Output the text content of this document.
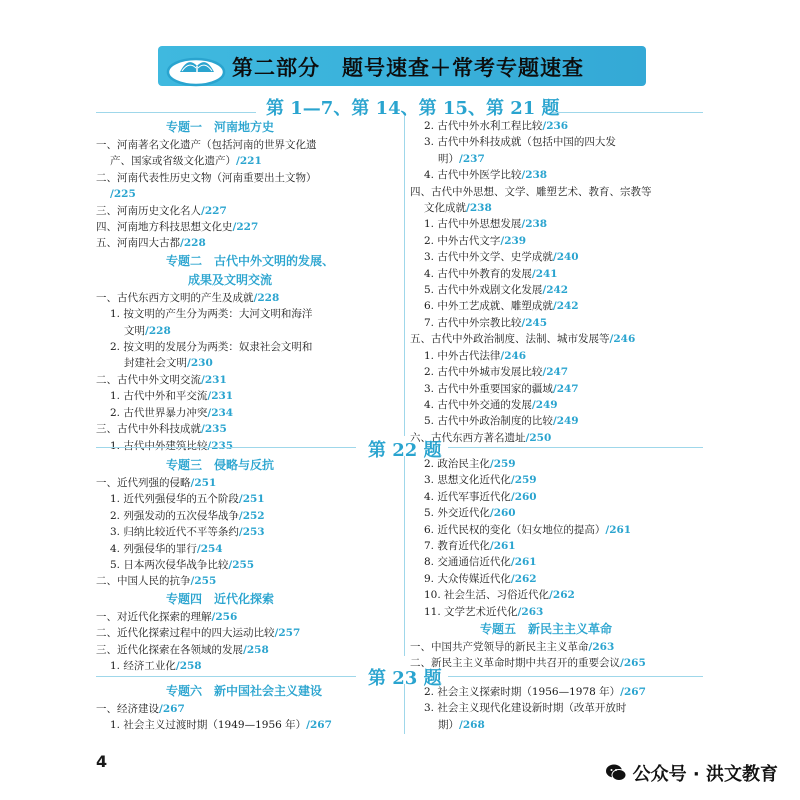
第二部分　题号速查＋常考专题速查
第 1—7、第 14、第 15、第 21 题
专题一　河南地方史
一、河南著名文化遗产（包括河南的世界文化遗
产、国家或省级文化遗产）/221
二、河南代表性历史文物（河南重要出土文物）
/225
三、河南历史文化名人/227
四、河南地方科技思想文化史/227
五、河南四大古都/228
专题二　古代中外文明的发展、
成果及文明交流
一、古代东西方文明的产生及成就/228
1. 按文明的产生分为两类：大河文明和海洋
文明/228
2. 按文明的发展分为两类：奴隶社会文明和
封建社会文明/230
二、古代中外文明交流/231
1. 古代中外和平交流/231
2. 古代世界暴力冲突/234
三、古代中外科技成就/235
1. 古代中外建筑比较/235
2. 古代中外水利工程比较/236
3. 古代中外科技成就（包括中国的四大发
明）/237
4. 古代中外医学比较/238
四、古代中外思想、文学、雕塑艺术、教育、宗教等
文化成就/238
1. 古代中外思想发展/238
2. 中外古代文字/239
3. 古代中外文学、史学成就/240
4. 古代中外教育的发展/241
5. 古代中外戏剧文化发展/242
6. 中外工艺成就、雕塑成就/242
7. 古代中外宗教比较/245
五、古代中外政治制度、法制、城市发展等/246
1. 中外古代法律/246
2. 古代中外城市发展比较/247
3. 古代中外重要国家的疆域/247
4. 古代中外交通的发展/249
5. 古代中外政治制度的比较/249
六、古代东西方著名遗址/250
第 22 题
专题三　侵略与反抗
一、近代列强的侵略/251
1. 近代列强侵华的五个阶段/251
2. 列强发动的五次侵华战争/252
3. 归纳比较近代不平等条约/253
4. 列强侵华的罪行/254
5. 日本两次侵华战争比较/255
二、中国人民的抗争/255
专题四　近代化探索
一、对近代化探索的理解/256
二、近代化探索过程中的四大运动比较/257
三、近代化探索在各领域的发展/258
1. 经济工业化/258
2. 政治民主化/259
3. 思想文化近代化/259
4. 近代军事近代化/260
5. 外交近代化/260
6. 近代民权的变化（妇女地位的提高）/261
7. 教育近代化/261
8. 交通通信近代化/261
9. 大众传媒近代化/262
10. 社会生活、习俗近代化/262
11. 文学艺术近代化/263
专题五　新民主主义革命
一、中国共产党领导的新民主主义革命/263
二、新民主主义革命时期中共召开的重要会议/265
第 23 题
专题六　新中国社会主义建设
一、经济建设/267
1. 社会主义过渡时期（1949—1956 年）/267
2. 社会主义探索时期（1956—1978 年）/267
3. 社会主义现代化建设新时期（改革开放时
期）/268
4
公众号 · 洪文教育
